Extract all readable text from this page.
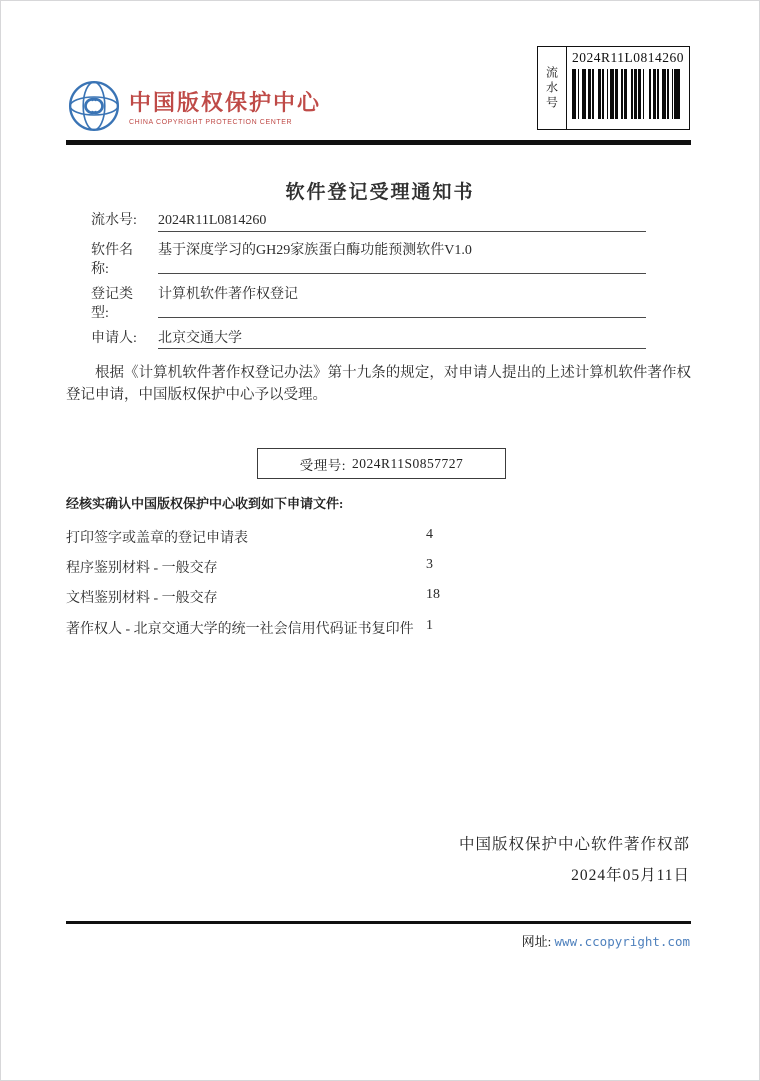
中国版权保护中心
CHINA COPYRIGHT PROTECTION CENTER
流水号
2024R11L0814260
软件登记受理通知书
流水号:	2024R11L0814260
软件名称:
基于深度学习的GH29家族蛋白酶功能预测软件V1.0
登记类型:
计算机软件著作权登记
申请人:	北京交通大学

根据《计算机软件著作权登记办法》第十九条的规定，对申请人提出的上述计算机软件著作权登记申请，中国版权保护中心予以受理。

受理号: 2024R11S0857727
经核实确认中国版权保护中心收到如下申请文件:
打印签字或盖章的登记申请表	4
程序鉴别材料 - 一般交存	3
文档鉴别材料 - 一般交存	18
著作权人 - 北京交通大学的统一社会信用代码证书复印件 1
中国版权保护中心软件著作权部
2024年05月11日
网址: www.ccopyright.com
